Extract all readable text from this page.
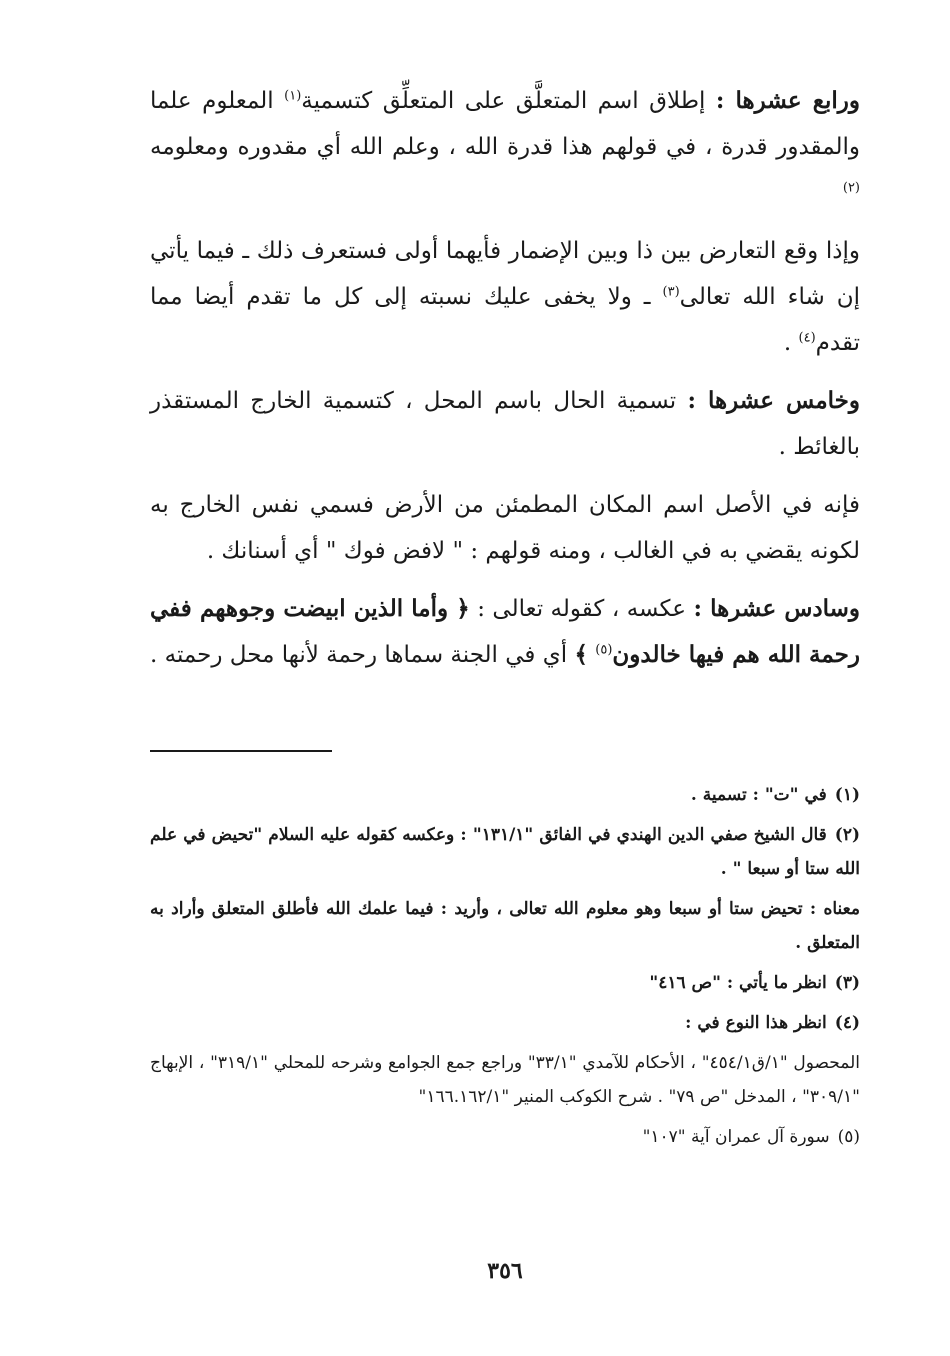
ورابع عشرها : إطلاق اسم المتعلَّق على المتعلِّق كتسمية$^{(١)}$ المعلوم علما والمقدور قدرة ، في قولهم هذا قدرة الله ، وعلم الله أي مقدوره ومعلومه $^{(٢)}$

وإذا وقع التعارض بين ذا وبين الإضمار فأيهما أولى فستعرف ذلك ـ فيما يأتي إن شاء الله تعالى$^{(٣)}$ ـ ولا يخفى عليك نسبته إلى كل ما تقدم أيضا مما تقدم$^{(٤)}$ .

وخامس عشرها : تسمية الحال باسم المحل ، كتسمية الخارج المستقذر بالغائط .

فإنه في الأصل اسم المكان المطمئن من الأرض فسمي نفس الخارج به لكونه يقضي به في الغالب ، ومنه قولهم : " لافض فوك " أي أسنانك .

وسادس عشرها : عكسه ، كقوله تعالى : ﴿ وأما الذين ابيضت وجوههم ففي رحمة الله هم فيها خالدون$^{(٥)}$ ﴾ أي في الجنة سماها رحمة لأنها محل رحمته .

(١)في "ت" : تسمية .
(٢)قال الشيخ صفي الدين الهندي في الفائق "١٣١/١" : وعكسه كقوله عليه السلام "تحيض في علم الله ستا أو سبعا " .
معناه : تحيض ستا أو سبعا وهو معلوم الله تعالى ، وأريد : فيما علمك الله فأطلق المتعلق وأراد به المتعلق .
(٣)انظر ما يأتي : "ص ٤١٦"
(٤)انظر هذا النوع في :
المحصول "١/ق٤٥٤/١" ، الأحكام للآمدي "٣٣/١" وراجع جمع الجوامع وشرحه للمحلي "٣١٩/١" ، الإبهاج "٣٠٩/١" ، المدخل "ص ٧٩" . شرح الكوكب المنير "١٦٦.١٦٢/١"
(٥)سورة آل عمران آية "١٠٧"
٣٥٦
